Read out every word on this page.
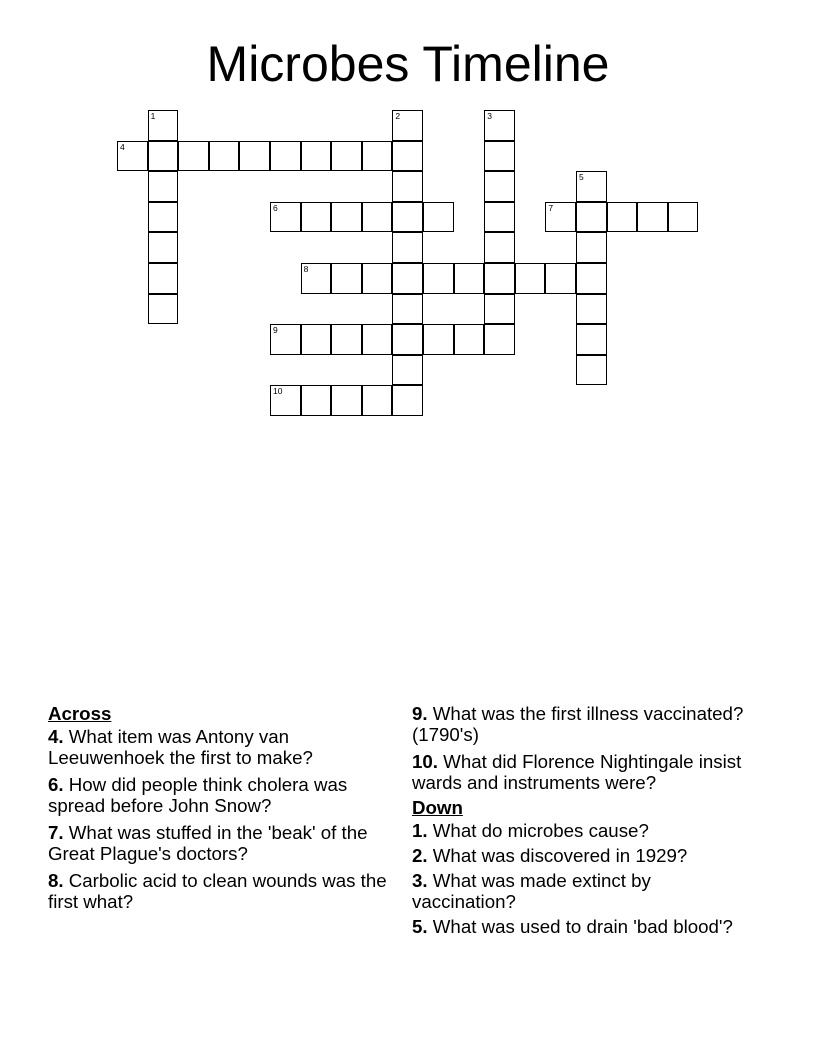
Microbes Timeline
1	2	3
4
5
6	7
8
9
10
Across
4. What item was Antony van Leeuwenhoek the first to make?
6. How did people think cholera was spread before John Snow?
7. What was stuffed in the 'beak' of the Great Plague's doctors?
8. Carbolic acid to clean wounds was the first what?
9. What was the first illness vaccinated? (1790's)
10. What did Florence Nightingale insist wards and instruments were?
Down
1. What do microbes cause?
2. What was discovered in 1929?
3. What was made extinct by vaccination?
5. What was used to drain 'bad blood'?
